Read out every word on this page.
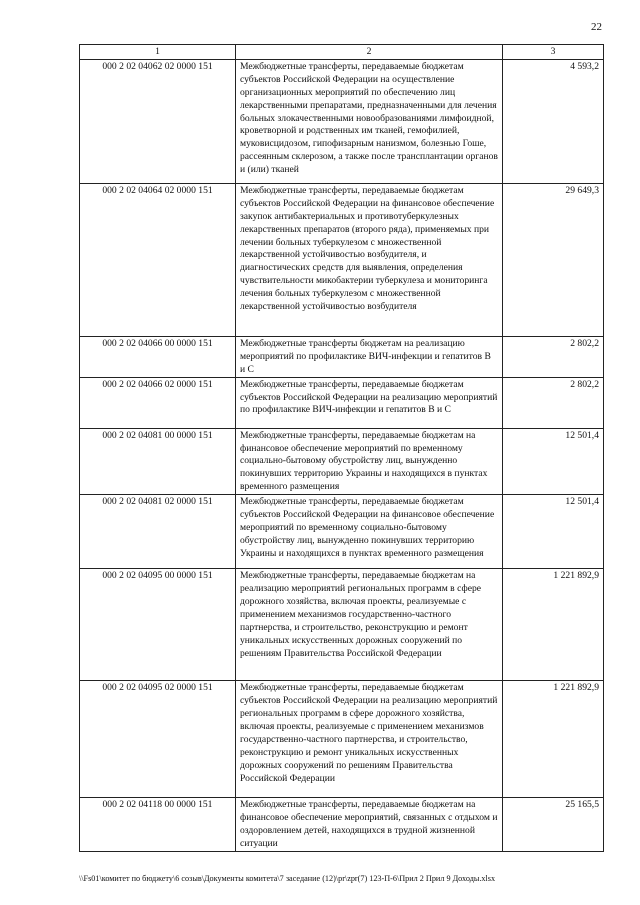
22
1	2	3
000 2 02 04062 02 0000 151	Межбюджетные трансферты, передаваемые бюджетам субъектов Российской Федерации на осуществление организационных мероприятий по обеспечению лиц лекарственными препаратами, предназначенными для лечения больных злокачественными новообразованиями лимфоидной, кроветворной и родственных им тканей, гемофилией, муковисцидозом, гипофизарным нанизмом, болезнью Гоше, рассеянным склерозом, а также после трансплантации органов и (или) тканей	4 593,2
000 2 02 04064 02 0000 151	Межбюджетные трансферты, передаваемые бюджетам субъектов Российской Федерации на финансовое обеспечение закупок антибактериальных и противотуберкулезных лекарственных препаратов (второго ряда), применяемых при лечении больных туберкулезом с множественной лекарственной устойчивостью возбудителя, и диагностических средств для выявления, определения чувствительности микобактерии туберкулеза и мониторинга лечения больных туберкулезом с множественной лекарственной устойчивостью возбудителя	29 649,3
000 2 02 04066 00 0000 151	Межбюджетные трансферты бюджетам на реализацию мероприятий по профилактике ВИЧ-инфекции и гепатитов В и С	2 802,2
000 2 02 04066 02 0000 151	Межбюджетные трансферты, передаваемые бюджетам субъектов Российской Федерации на реализацию мероприятий по профилактике ВИЧ-инфекции и гепатитов В и С	2 802,2
000 2 02 04081 00 0000 151	Межбюджетные трансферты, передаваемые бюджетам на финансовое обеспечение мероприятий по временному социально-бытовому обустройству лиц, вынужденно покинувших территорию Украины и находящихся в пунктах временного размещения	12 501,4
000 2 02 04081 02 0000 151	Межбюджетные трансферты, передаваемые бюджетам субъектов Российской Федерации на финансовое обеспечение мероприятий по временному социально-бытовому обустройству лиц, вынужденно покинувших территорию Украины и находящихся в пунктах временного размещения	12 501,4
000 2 02 04095 00 0000 151	Межбюджетные трансферты, передаваемые бюджетам на реализацию мероприятий региональных программ в сфере дорожного хозяйства, включая проекты, реализуемые с применением механизмов государственно-частного партнерства, и строительство, реконструкцию и ремонт уникальных искусственных дорожных сооружений по решениям Правительства Российской Федерации	1 221 892,9
000 2 02 04095 02 0000 151	Межбюджетные трансферты, передаваемые бюджетам субъектов Российской Федерации на реализацию мероприятий региональных программ в сфере дорожного хозяйства, включая проекты, реализуемые с применением механизмов государственно-частного партнерства, и строительство, реконструкцию и ремонт уникальных искусственных дорожных сооружений по решениям Правительства Российской Федерации	1 221 892,9
000 2 02 04118 00 0000 151	Межбюджетные трансферты, передаваемые бюджетам на финансовое обеспечение мероприятий, связанных с отдыхом и оздоровлением детей, находящихся в трудной жизненной ситуации	25 165,5
\\Fs01\комитет по бюджету\6 созыв\Документы комитета\7 заседание (12)\pr\zpr(7) 123-П-6\Прил 2 Прил 9 Доходы.xlsx
